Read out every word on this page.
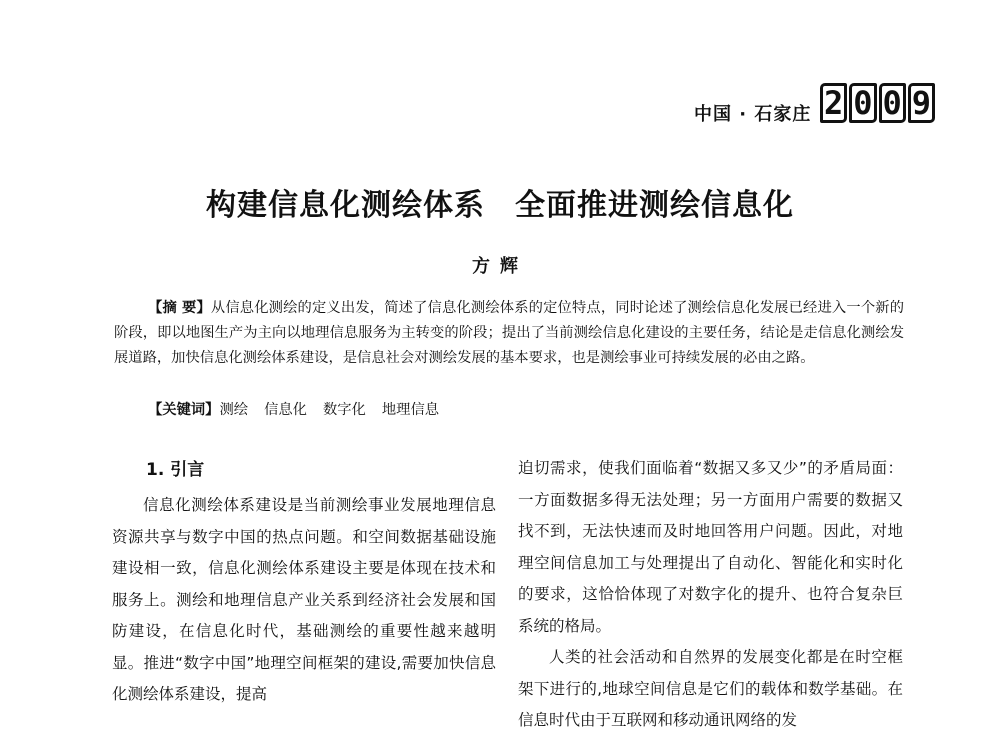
中国 · 石家庄 2 0 0 9
构建信息化测绘体系 全面推进测绘信息化
方辉
【摘 要】从信息化测绘的定义出发，简述了信息化测绘体系的定位特点，同时论述了测绘信息化发展已经进入一个新的阶段，即以地图生产为主向以地理信息服务为主转变的阶段；提出了当前测绘信息化建设的主要任务，结论是走信息化测绘发展道路，加快信息化测绘体系建设，是信息社会对测绘发展的基本要求，也是测绘事业可持续发展的必由之路。
【关键词】测绘 信息化 数字化 地理信息
1. 引言

信息化测绘体系建设是当前测绘事业发展地理信息资源共享与数字中国的热点问题。和空间数据基础设施建设相一致，信息化测绘体系建设主要是体现在技术和服务上。测绘和地理信息产业关系到经济社会发展和国防建设，在信息化时代，基础测绘的重要性越来越明显。推进“数字中国”地理空间框架的建设,需要加快信息化测绘体系建设，提高

迫切需求，使我们面临着“数据又多又少”的矛盾局面：一方面数据多得无法处理；另一方面用户需要的数据又找不到，无法快速而及时地回答用户问题。因此，对地理空间信息加工与处理提出了自动化、智能化和实时化的要求，这恰恰体现了对数字化的提升、也符合复杂巨系统的格局。

人类的社会活动和自然界的发展变化都是在时空框架下进行的,地球空间信息是它们的载体和数学基础。在信息时代由于互联网和移动通讯网络的发
